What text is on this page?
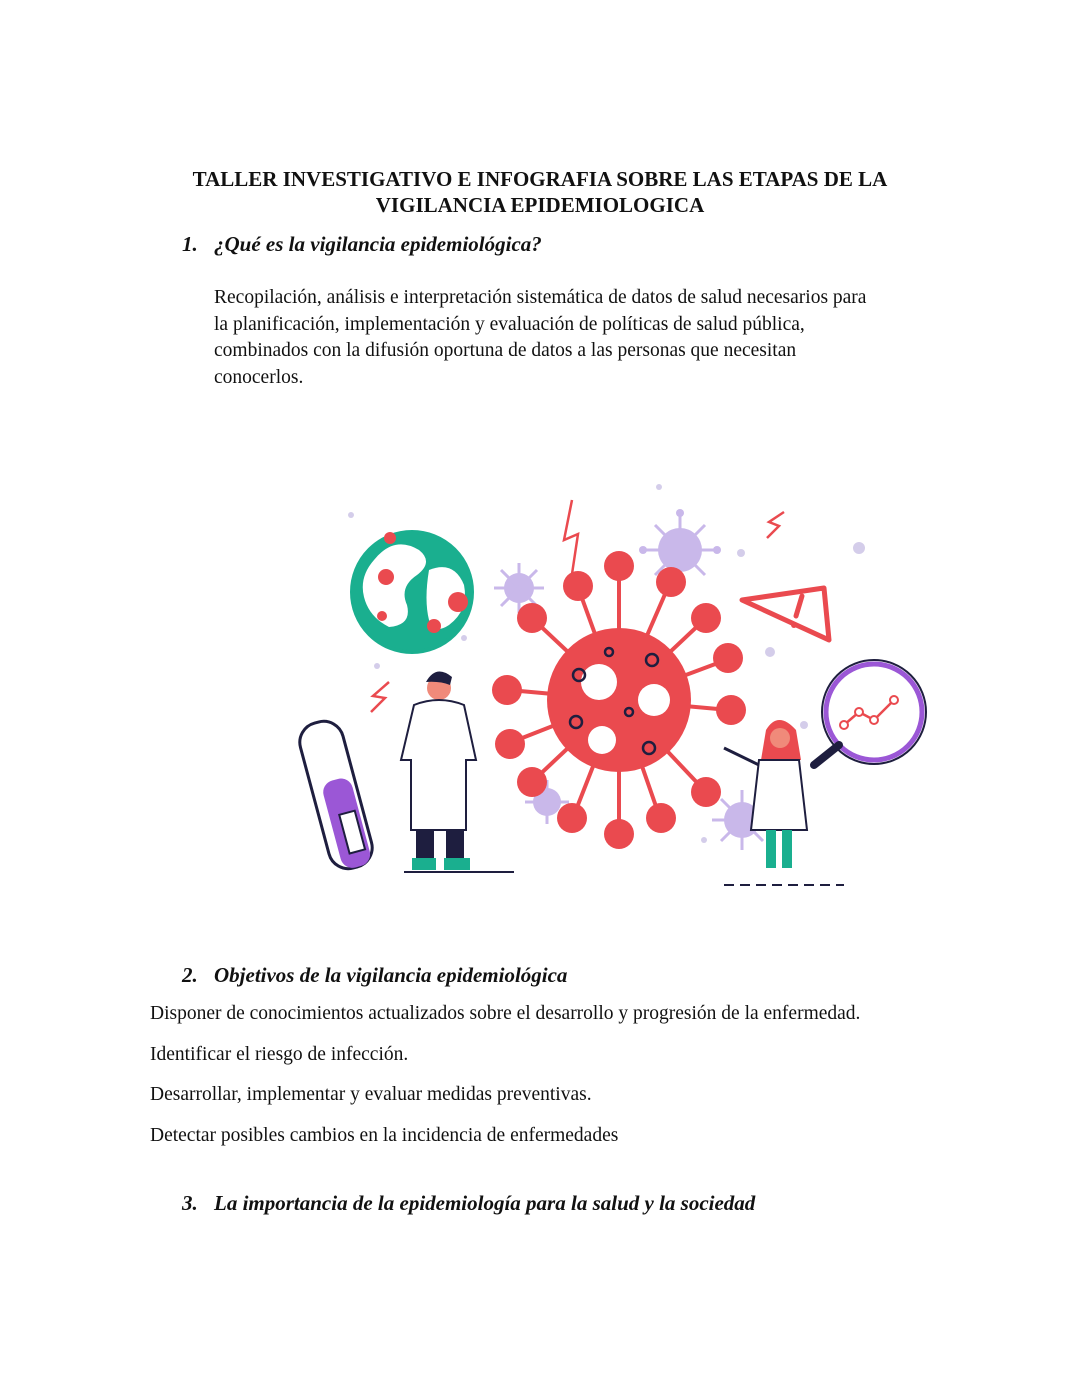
TALLER INVESTIGATIVO E INFOGRAFIA SOBRE LAS ETAPAS DE LA
VIGILANCIA EPIDEMIOLOGICA

1. ¿Qué es la vigilancia epidemiológica?

Recopilación, análisis e interpretación sistemática de datos de salud necesarios para
la planificación, implementación y evaluación de políticas de salud pública,
combinados con la difusión oportuna de datos a las personas que necesitan
conocerlos.

2. Objetivos de la vigilancia epidemiológica

Disponer de conocimientos actualizados sobre el desarrollo y progresión de la enfermedad.

Identificar el riesgo de infección.

Desarrollar, implementar y evaluar medidas preventivas.

Detectar posibles cambios en la incidencia de enfermedades

3. La importancia de la epidemiología para la salud y la sociedad
